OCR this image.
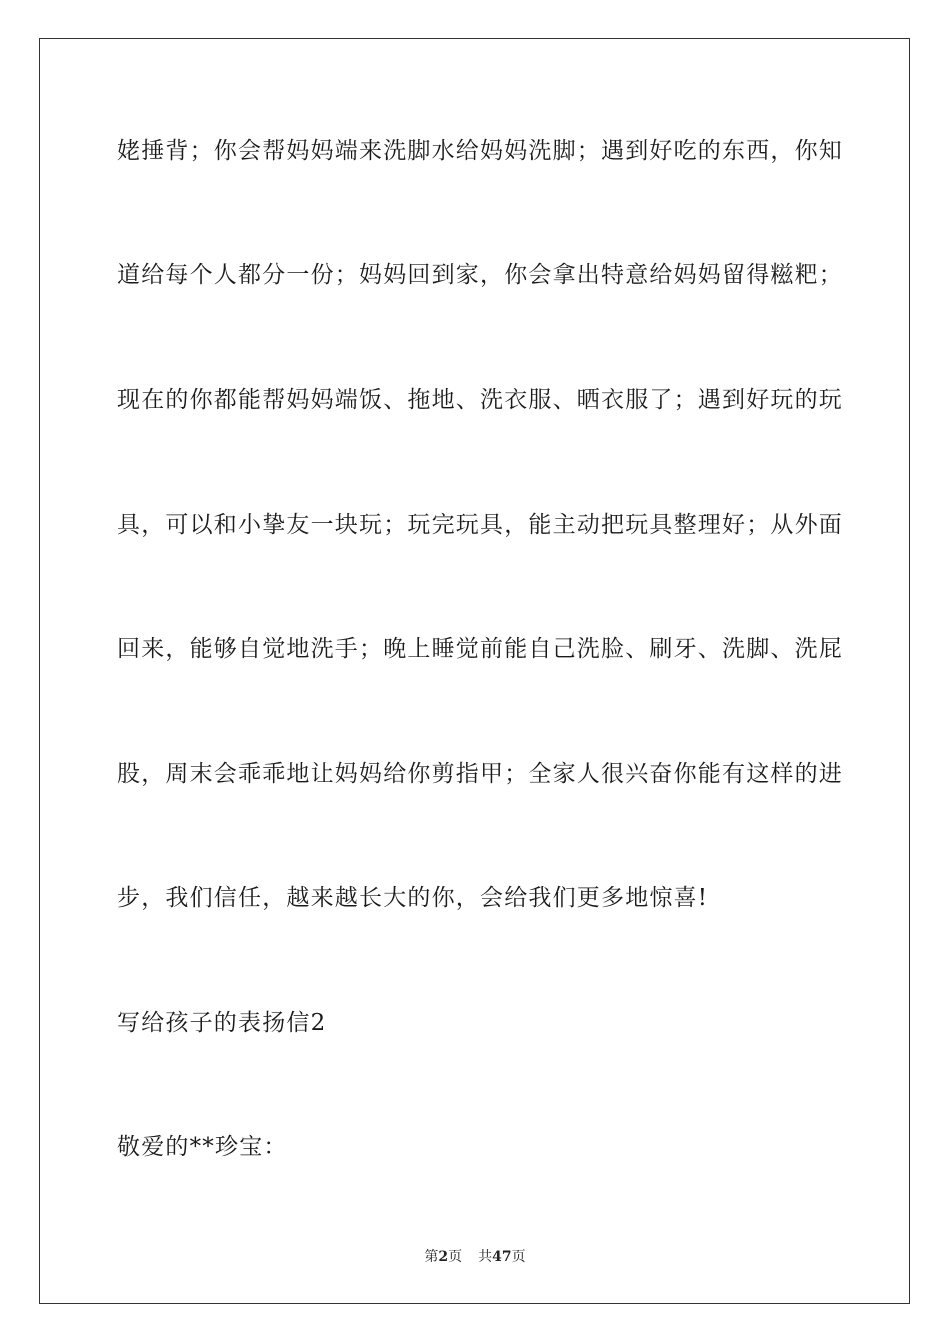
姥捶背；你会帮妈妈端来洗脚水给妈妈洗脚；遇到好吃的东西，你知
道给每个人都分一份；妈妈回到家，你会拿出特意给妈妈留得糍粑；
现在的你都能帮妈妈端饭、拖地、洗衣服、晒衣服了；遇到好玩的玩
具，可以和小挚友一块玩；玩完玩具，能主动把玩具整理好；从外面
回来，能够自觉地洗手；晚上睡觉前能自己洗脸、刷牙、洗脚、洗屁
股，周末会乖乖地让妈妈给你剪指甲；全家人很兴奋你能有这样的进
步，我们信任，越来越长大的你，会给我们更多地惊喜!
写给孩子的表扬信2
敬爱的**珍宝：
第2页 共47页
